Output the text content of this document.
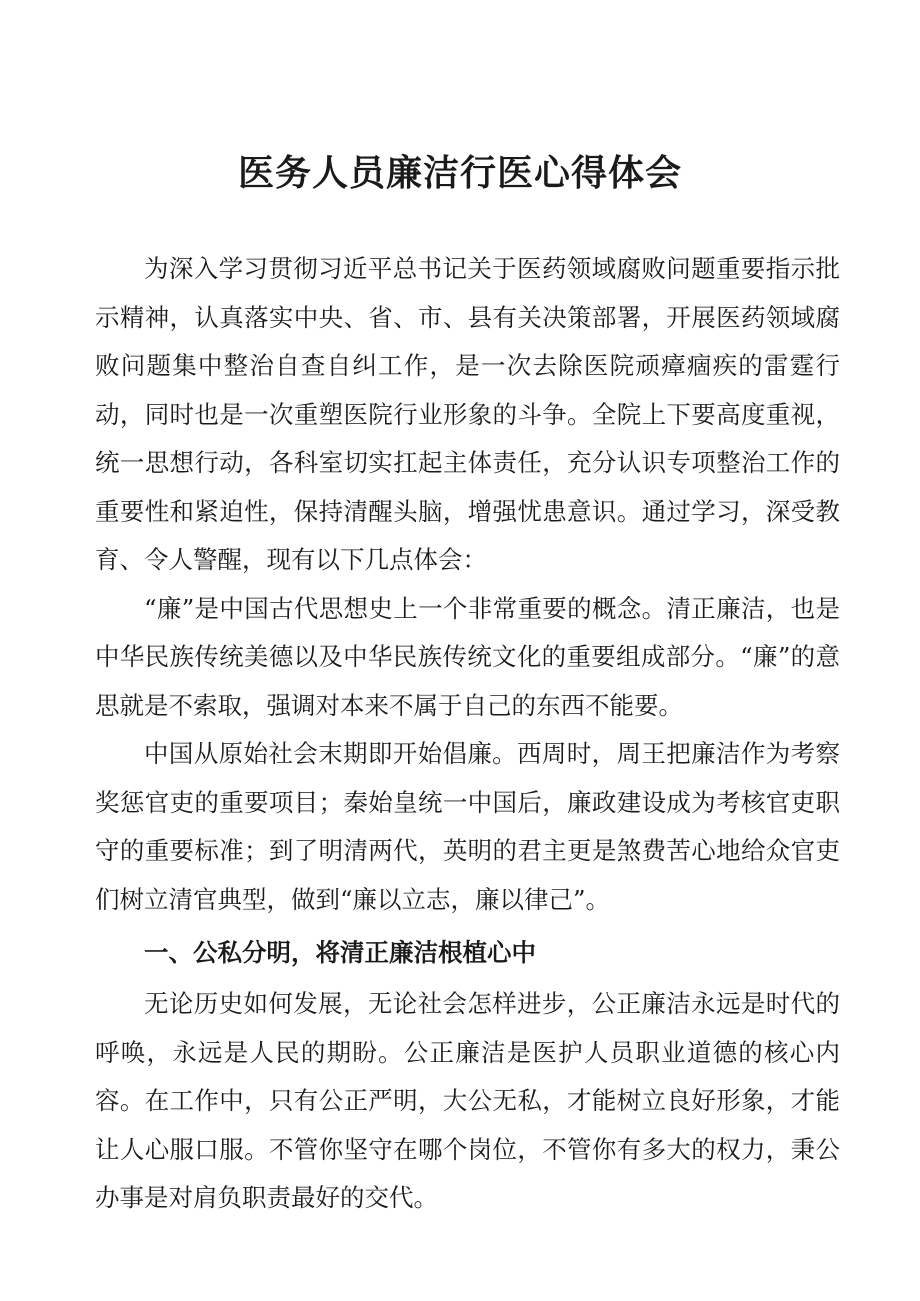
医务人员廉洁行医心得体会

为深入学习贯彻习近平总书记关于医药领域腐败问题重要指示批示精神，认真落实中央、省、市、县有关决策部署，开展医药领域腐败问题集中整治自查自纠工作，是一次去除医院顽瘴痼疾的雷霆行动，同时也是一次重塑医院行业形象的斗争。全院上下要高度重视，统一思想行动，各科室切实扛起主体责任，充分认识专项整治工作的重要性和紧迫性，保持清醒头脑，增强忧患意识。通过学习，深受教育、令人警醒，现有以下几点体会：

“廉”是中国古代思想史上一个非常重要的概念。清正廉洁，也是中华民族传统美德以及中华民族传统文化的重要组成部分。“廉”的意思就是不索取，强调对本来不属于自己的东西不能要。

中国从原始社会末期即开始倡廉。西周时，周王把廉洁作为考察奖惩官吏的重要项目；秦始皇统一中国后，廉政建设成为考核官吏职守的重要标准；到了明清两代，英明的君主更是煞费苦心地给众官吏们树立清官典型，做到“廉以立志，廉以律己”。

一、公私分明，将清正廉洁根植心中

无论历史如何发展，无论社会怎样进步，公正廉洁永远是时代的呼唤，永远是人民的期盼。公正廉洁是医护人员职业道德的核心内容。在工作中，只有公正严明，大公无私，才能树立良好形象，才能让人心服口服。不管你坚守在哪个岗位，不管你有多大的权力，秉公办事是对肩负职责最好的交代。
